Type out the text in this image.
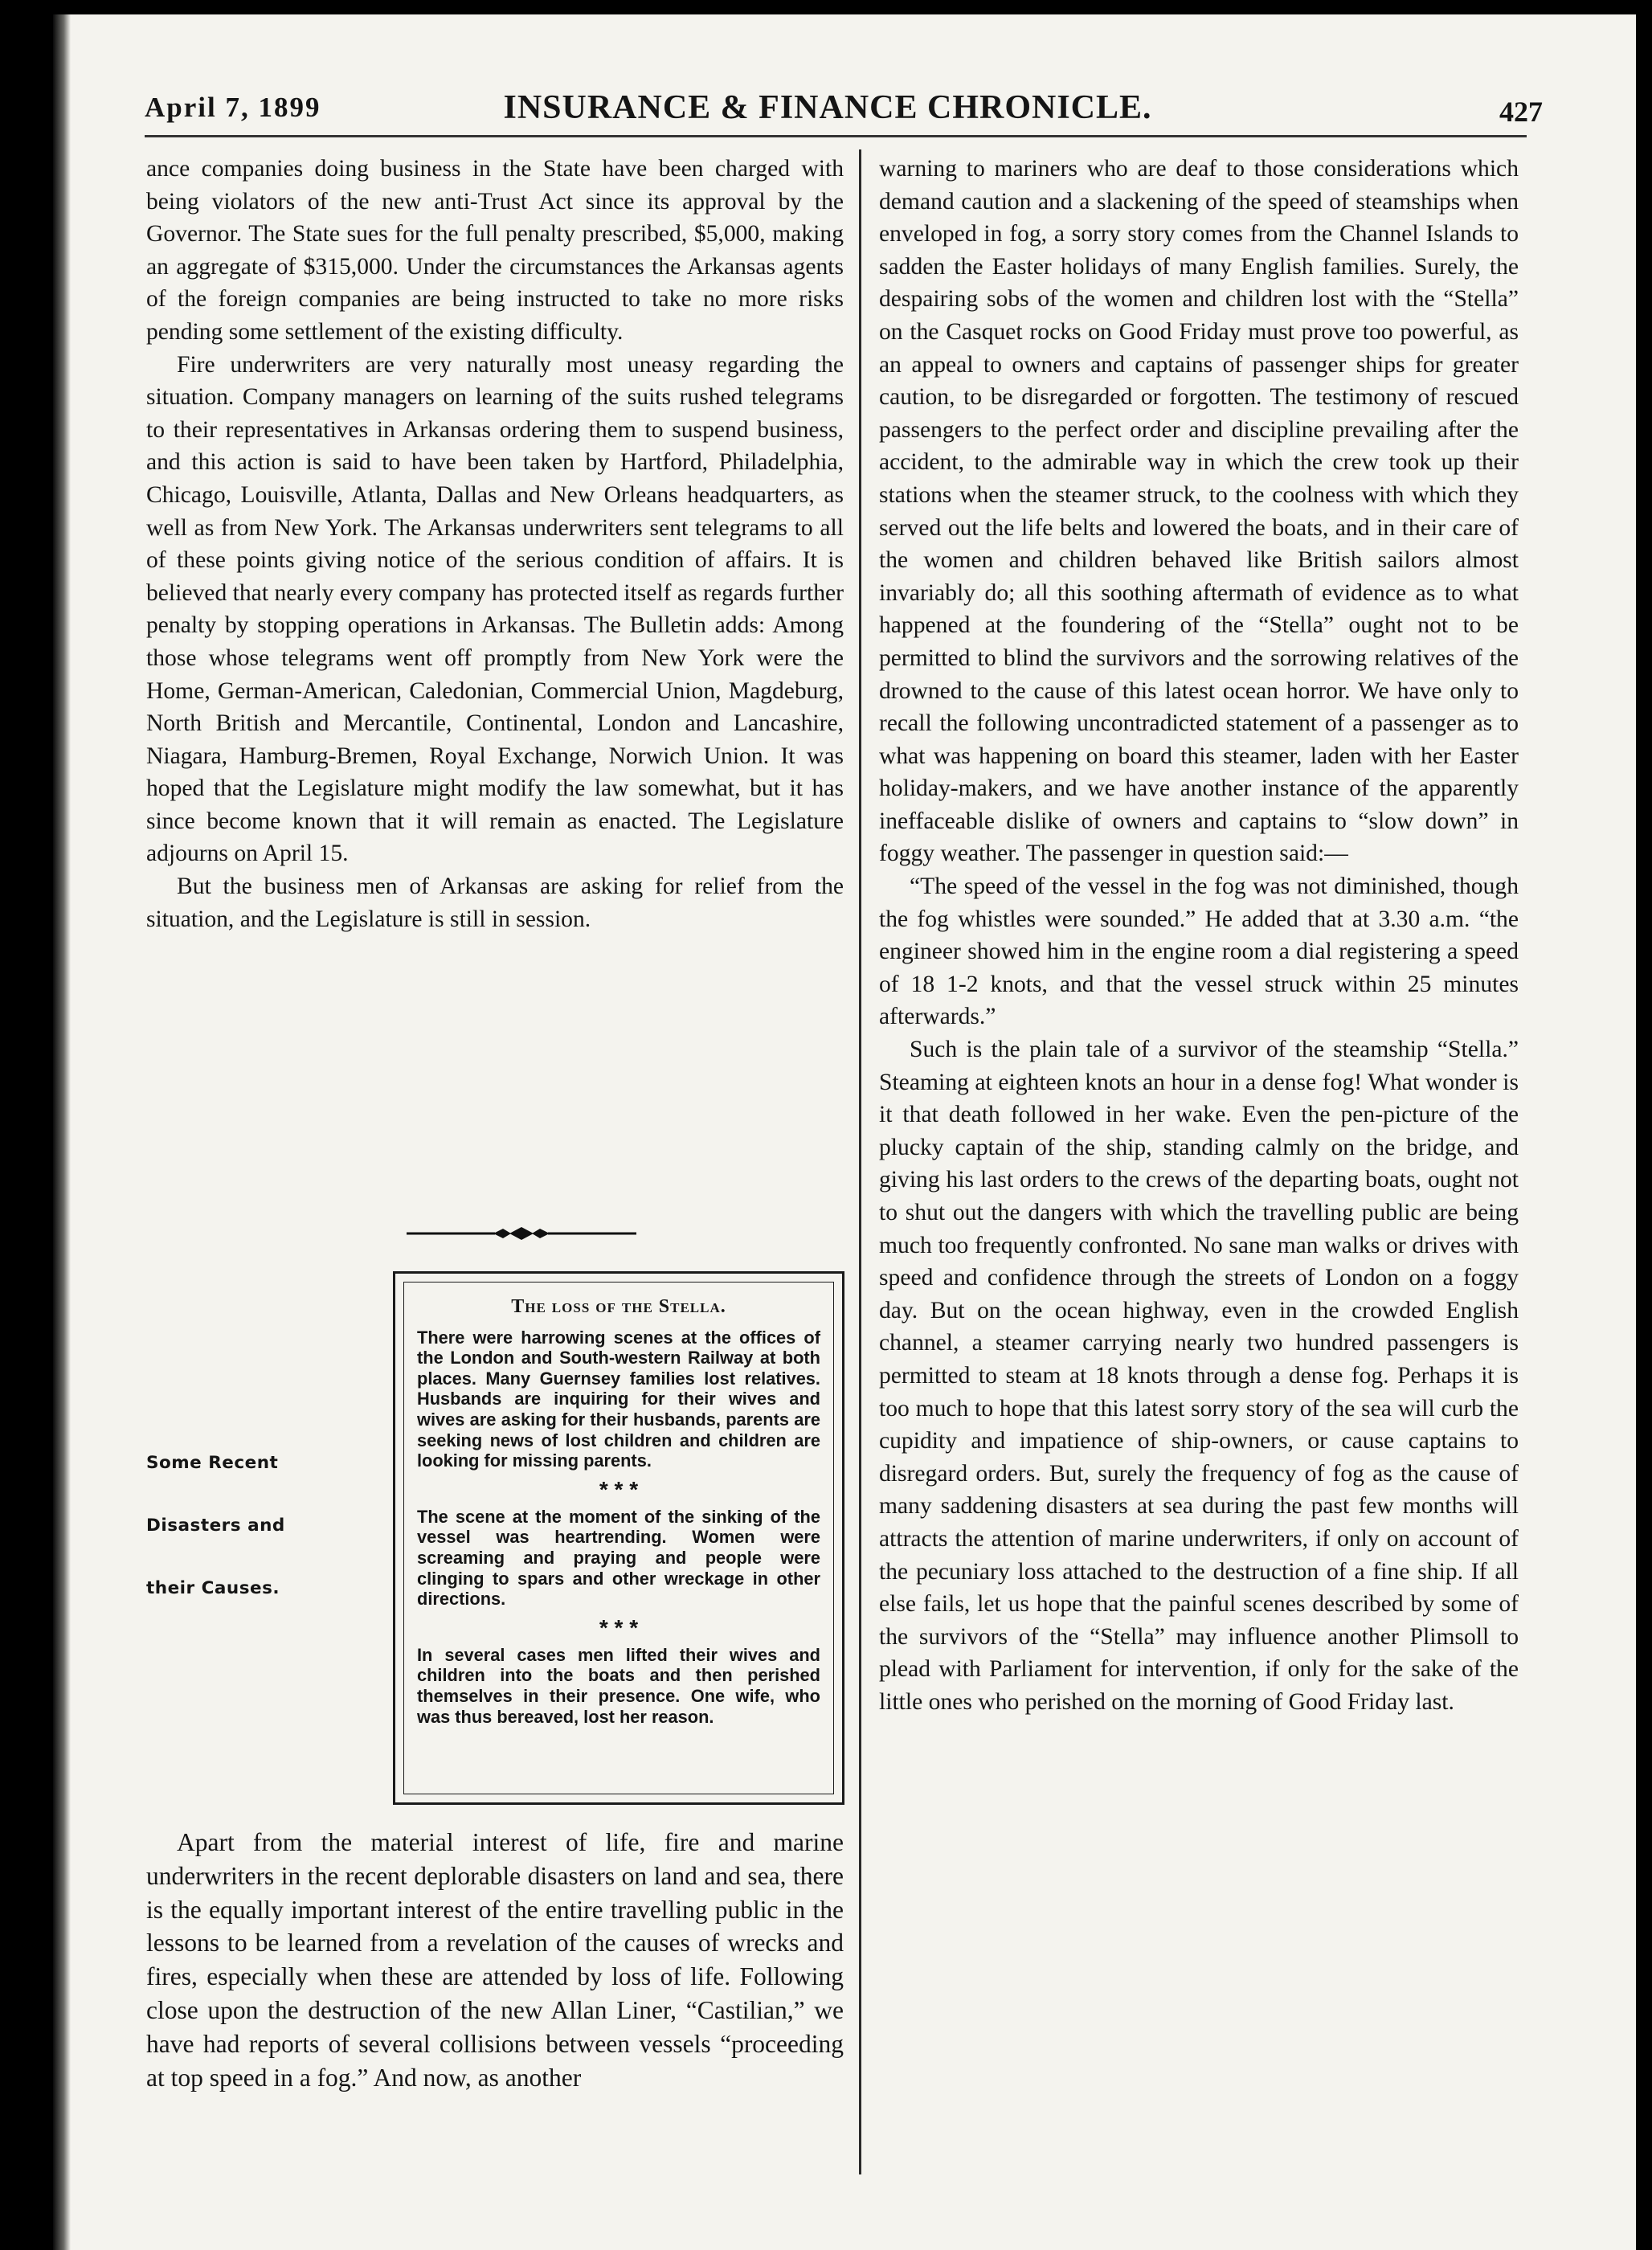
April 7, 1899	INSURANCE & FINANCE CHRONICLE.	427

ance companies doing business in the State have been charged with being violators of the new anti-Trust Act since its approval by the Governor. The State sues for the full penalty prescribed, $5,000, making an aggregate of $315,000. Under the circumstances the Arkansas agents of the foreign companies are being instructed to take no more risks pending some settlement of the existing difficulty.

Fire underwriters are very naturally most uneasy regarding the situation. Company managers on learning of the suits rushed telegrams to their representatives in Arkansas ordering them to suspend business, and this action is said to have been taken by Hartford, Philadelphia, Chicago, Louisville, Atlanta, Dallas and New Orleans headquarters, as well as from New York. The Arkansas underwriters sent telegrams to all of these points giving notice of the serious condition of affairs. It is believed that nearly every company has protected itself as regards further penalty by stopping operations in Arkansas. The Bulletin adds: Among those whose telegrams went off promptly from New York were the Home, German-American, Caledonian, Commercial Union, Magdeburg, North British and Mercantile, Continental, London and Lancashire, Niagara, Hamburg-Bremen, Royal Exchange, Norwich Union. It was hoped that the Legislature might modify the law somewhat, but it has since become known that it will remain as enacted. The Legislature adjourns on April 15.

But the business men of Arkansas are asking for relief from the situation, and the Legislature is still in session.

Some Recent
Disasters and
their Causes.
The loss of the Stella.

There were harrowing scenes at the offices of the London and South-western Railway at both places. Many Guernsey families lost relatives. Husbands are inquiring for their wives and wives are asking for their husbands, parents are seeking news of lost children and children are looking for missing parents.

* * *

The scene at the moment of the sinking of the vessel was heartrending. Women were screaming and praying and people were clinging to spars and other wreckage in other directions.

* * *

In several cases men lifted their wives and children into the boats and then perished themselves in their presence. One wife, who was thus bereaved, lost her reason.

Apart from the material interest of life, fire and marine underwriters in the recent deplorable disasters on land and sea, there is the equally important interest of the entire travelling public in the lessons to be learned from a revelation of the causes of wrecks and fires, especially when these are attended by loss of life. Following close upon the destruction of the new Allan Liner, “Castilian,” we have had reports of several collisions between vessels “proceeding at top speed in a fog.” And now, as another

warning to mariners who are deaf to those considerations which demand caution and a slackening of the speed of steamships when enveloped in fog, a sorry story comes from the Channel Islands to sadden the Easter holidays of many English families. Surely, the despairing sobs of the women and children lost with the “Stella” on the Casquet rocks on Good Friday must prove too powerful, as an appeal to owners and captains of passenger ships for greater caution, to be disregarded or forgotten. The testimony of rescued passengers to the perfect order and discipline prevailing after the accident, to the admirable way in which the crew took up their stations when the steamer struck, to the coolness with which they served out the life belts and lowered the boats, and in their care of the women and children behaved like British sailors almost invariably do; all this soothing aftermath of evidence as to what happened at the foundering of the “Stella” ought not to be permitted to blind the survivors and the sorrowing relatives of the drowned to the cause of this latest ocean horror. We have only to recall the following uncontradicted statement of a passenger as to what was happening on board this steamer, laden with her Easter holiday-makers, and we have another instance of the apparently ineffaceable dislike of owners and captains to “slow down” in foggy weather. The passenger in question said:—

“The speed of the vessel in the fog was not diminished, though the fog whistles were sounded.” He added that at 3.30 a.m. “the engineer showed him in the engine room a dial registering a speed of 18 1-2 knots, and that the vessel struck within 25 minutes afterwards.”

Such is the plain tale of a survivor of the steamship “Stella.” Steaming at eighteen knots an hour in a dense fog! What wonder is it that death followed in her wake. Even the pen-picture of the plucky captain of the ship, standing calmly on the bridge, and giving his last orders to the crews of the departing boats, ought not to shut out the dangers with which the travelling public are being much too frequently confronted. No sane man walks or drives with speed and confidence through the streets of London on a foggy day. But on the ocean highway, even in the crowded English channel, a steamer carrying nearly two hundred passengers is permitted to steam at 18 knots through a dense fog. Perhaps it is too much to hope that this latest sorry story of the sea will curb the cupidity and impatience of ship-owners, or cause captains to disregard orders. But, surely the frequency of fog as the cause of many saddening disasters at sea during the past few months will attracts the attention of marine underwriters, if only on account of the pecuniary loss attached to the destruction of a fine ship. If all else fails, let us hope that the painful scenes described by some of the survivors of the “Stella” may influence another Plimsoll to plead with Parliament for intervention, if only for the sake of the little ones who perished on the morning of Good Friday last.
